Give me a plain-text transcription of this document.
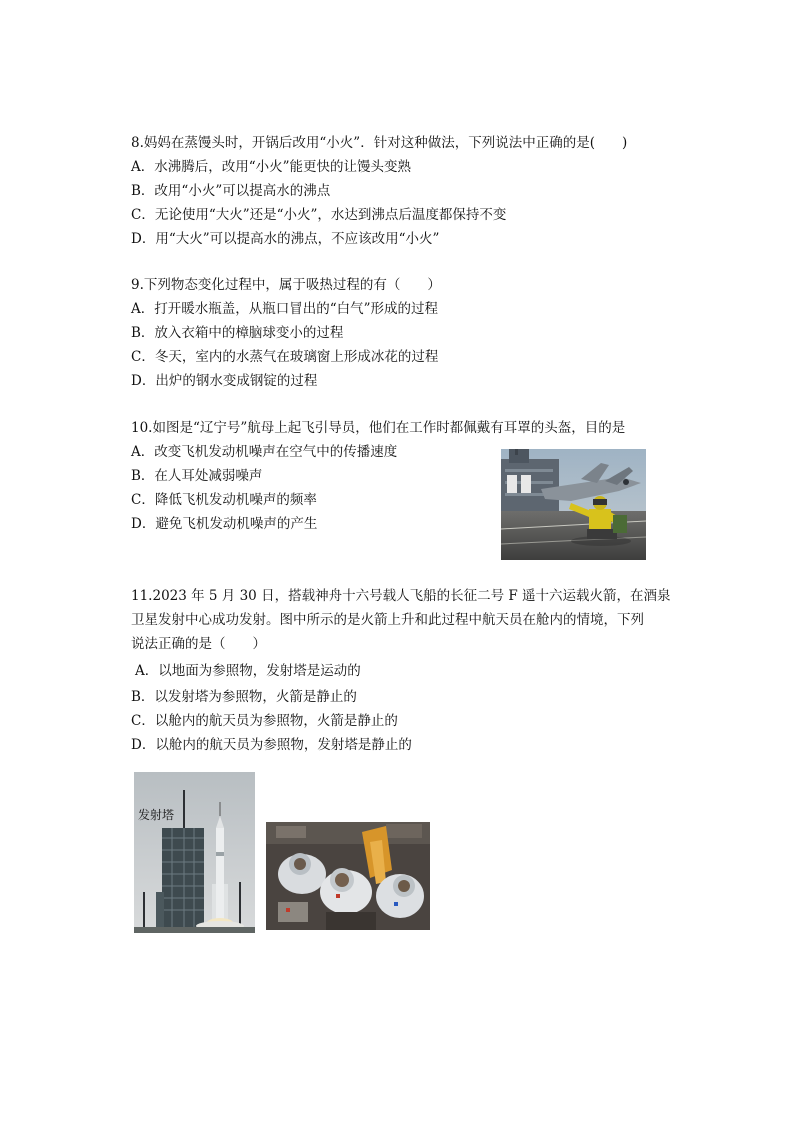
8.妈妈在蒸馒头时，开锅后改用“小火”．针对这种做法，下列说法中正确的是(　　)
A．水沸腾后，改用“小火”能更快的让馒头变熟
B．改用“小火”可以提高水的沸点
C．无论使用“大火”还是“小火”，水达到沸点后温度都保持不变
D．用“大火”可以提高水的沸点，不应该改用“小火”
9.下列物态变化过程中，属于吸热过程的有（　　）
A．打开暖水瓶盖，从瓶口冒出的“白气”形成的过程
B．放入衣箱中的樟脑球变小的过程
C．冬天，室内的水蒸气在玻璃窗上形成冰花的过程
D．出炉的钢水变成钢锭的过程
10.如图是“辽宁号”航母上起飞引导员，他们在工作时都佩戴有耳罩的头盔，目的是
A．改变飞机发动机噪声在空气中的传播速度
B．在人耳处减弱噪声
C．降低飞机发动机噪声的频率
D．避免飞机发动机噪声的产生
11.2023 年 5 月 30 日，搭载神舟十六号载人飞船的长征二号 F 遥十六运载火箭，在酒泉
卫星发射中心成功发射。图中所示的是火箭上升和此过程中航天员在舱内的情境，下列
说法正确的是（　　）
A．以地面为参照物，发射塔是运动的
B．以发射塔为参照物，火箭是静止的
C．以舱内的航天员为参照物，火箭是静止的
D．以舱内的航天员为参照物，发射塔是静止的
发射塔
